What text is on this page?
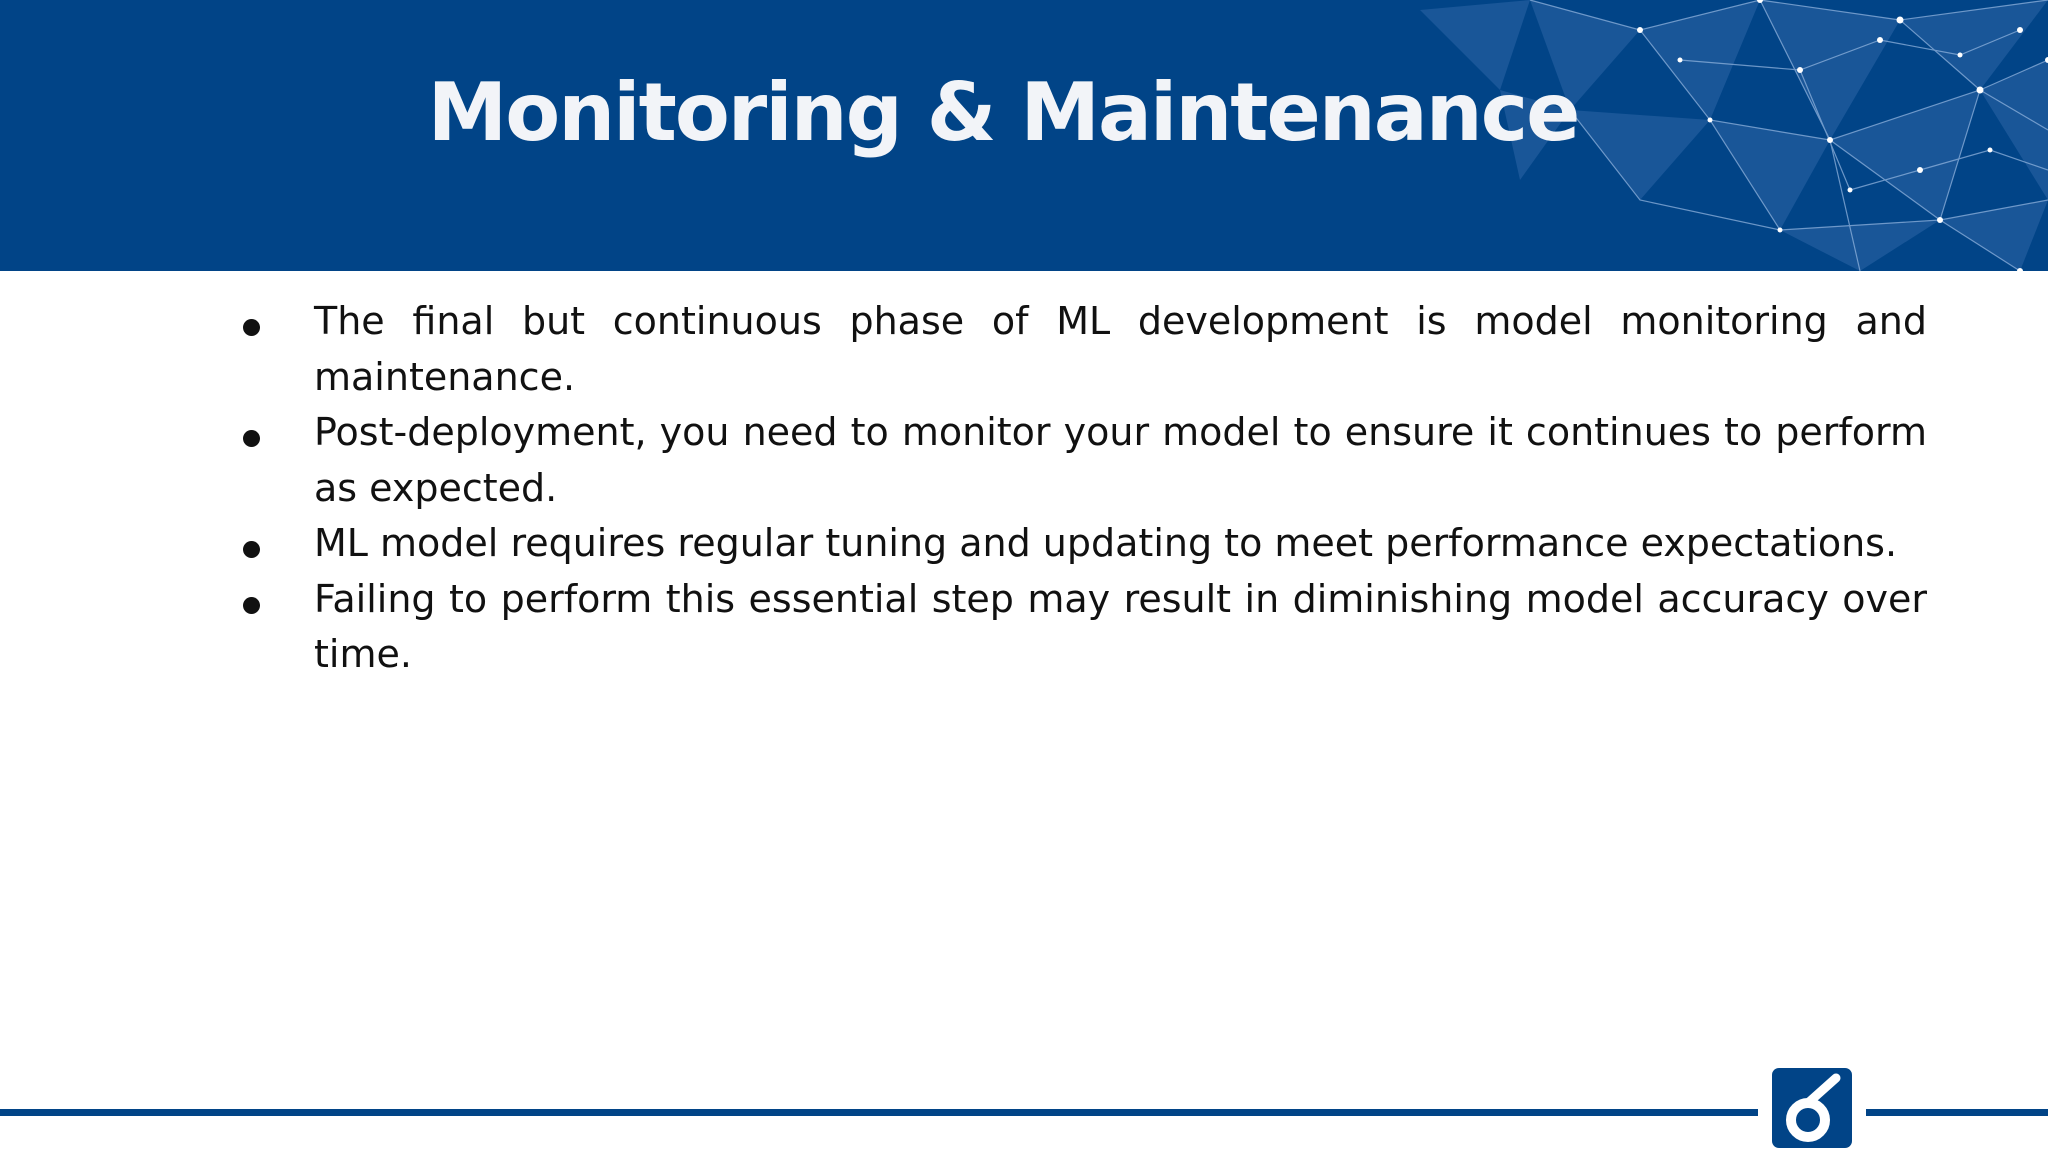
Monitoring & Maintenance
The final but continuous phase of ML development is model monitoring and maintenance.
Post-deployment, you need to monitor your model to ensure it continues to perform as expected.
ML model requires regular tuning and updating to meet performance expectations.
Failing to perform this essential step may result in diminishing model accuracy over time.
